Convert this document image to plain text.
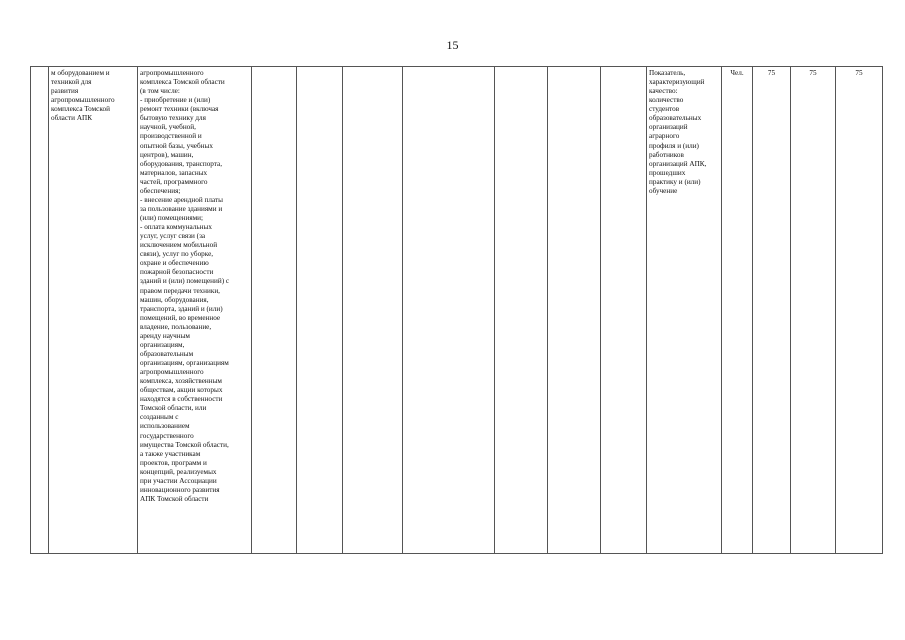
15
	м оборудованием и
техникой для
развития
агропромышленного
комплекса Томской
области АПК	агропромышленного
комплекса Томской области
(в том числе:
- приобретение и (или)
ремонт техники (включая
бытовую технику для
научной, учебной,
производственной и
опытной базы, учебных
центров), машин,
оборудования, транспорта,
материалов, запасных
частей, программного
обеспечения;
- внесение арендной платы
за пользование зданиями и
(или) помещениями;
- оплата коммунальных
услуг, услуг связи (за
исключением мобильной
связи), услуг по уборке,
охране и обеспечению
пожарной безопасности
зданий и (или) помещений) с
правом передачи техники,
машин, оборудования,
транспорта, зданий и (или)
помещений, во временное
владение, пользование,
аренду научным
организациям,
образовательным
организациям, организациям
агропромышленного
комплекса, хозяйственным
обществам, акции которых
находятся в собственности
Томской области, или
созданным с
использованием
государственного
имущества Томской области,
а также участникам
проектов, программ и
концепций, реализуемых
при участии Ассоциации
инновационного развития
АПК Томской области								Показатель,
характеризующий
качество:
количество
студентов
образовательных
организаций
аграрного
профиля и (или)
работников
организаций АПК,
прошедших
практику и (или)
обучение	Чел.	75	75	75
